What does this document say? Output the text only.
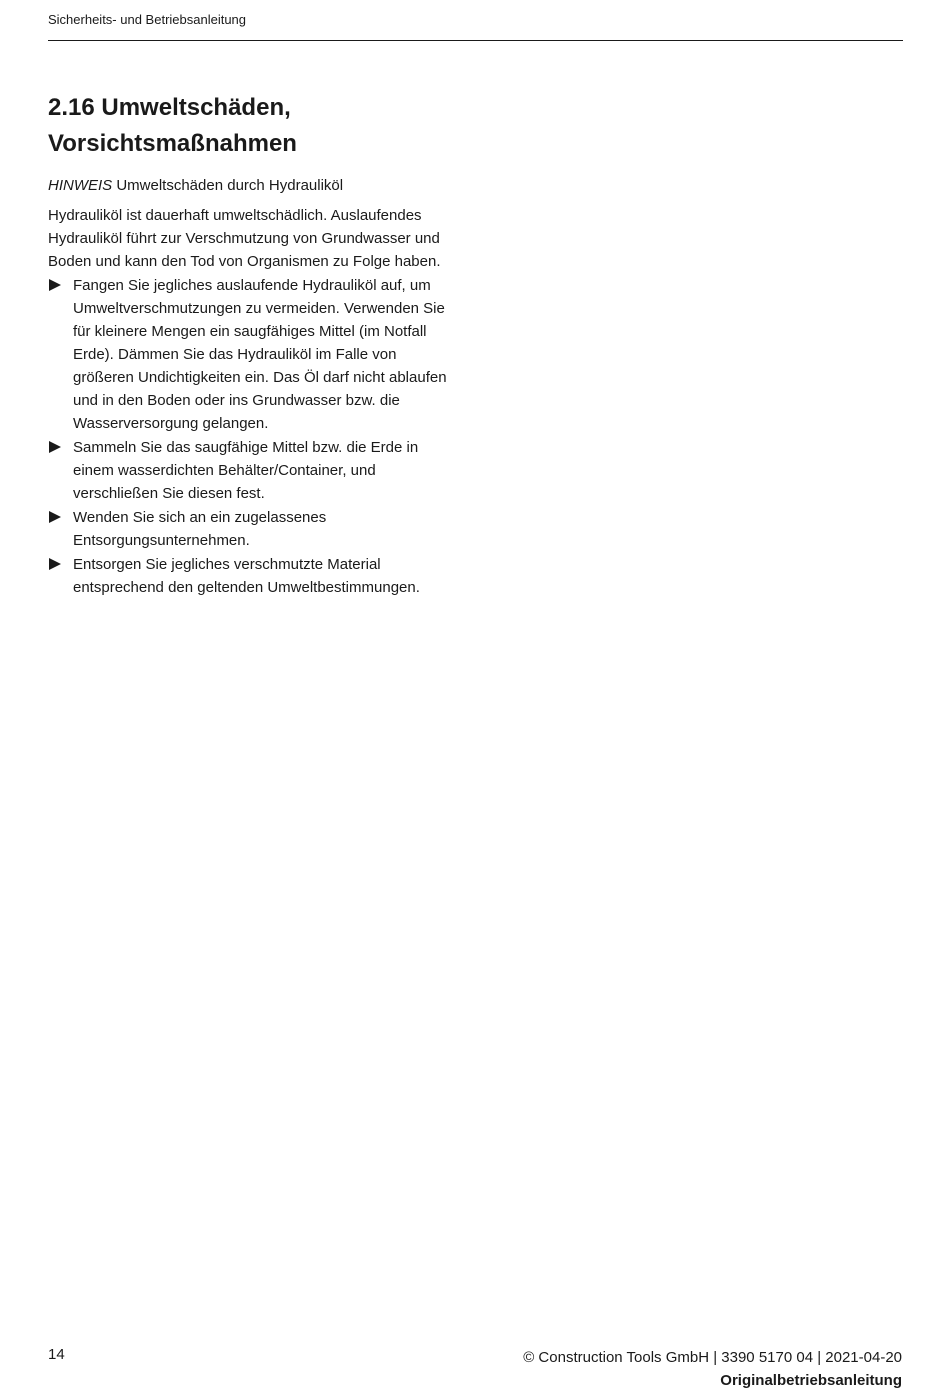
Sicherheits- und Betriebsanleitung
2.16 Umweltschäden,
Vorsichtsmaßnahmen

HINWEIS Umweltschäden durch Hydrauliköl

Hydrauliköl ist dauerhaft umweltschädlich. Auslaufendes Hydrauliköl führt zur Verschmutzung von Grundwasser und Boden und kann den Tod von Organismen zu Folge haben.

Fangen Sie jegliches auslaufende Hydrauliköl auf, um Umweltverschmutzungen zu vermeiden. Verwenden Sie für kleinere Mengen ein saugfähiges Mittel (im Notfall Erde). Dämmen Sie das Hydrauliköl im Falle von größeren Undichtigkeiten ein. Das Öl darf nicht ablaufen und in den Boden oder ins Grundwasser bzw. die Wasserversorgung gelangen.
Sammeln Sie das saugfähige Mittel bzw. die Erde in einem wasserdichten Behälter/Container, und verschließen Sie diesen fest.
Wenden Sie sich an ein zugelassenes Entsorgungsunternehmen.
Entsorgen Sie jegliches verschmutzte Material entsprechend den geltenden Umweltbestimmungen.
14	© Construction Tools GmbH | 3390 5170 04 | 2021-04-20
Originalbetriebsanleitung
